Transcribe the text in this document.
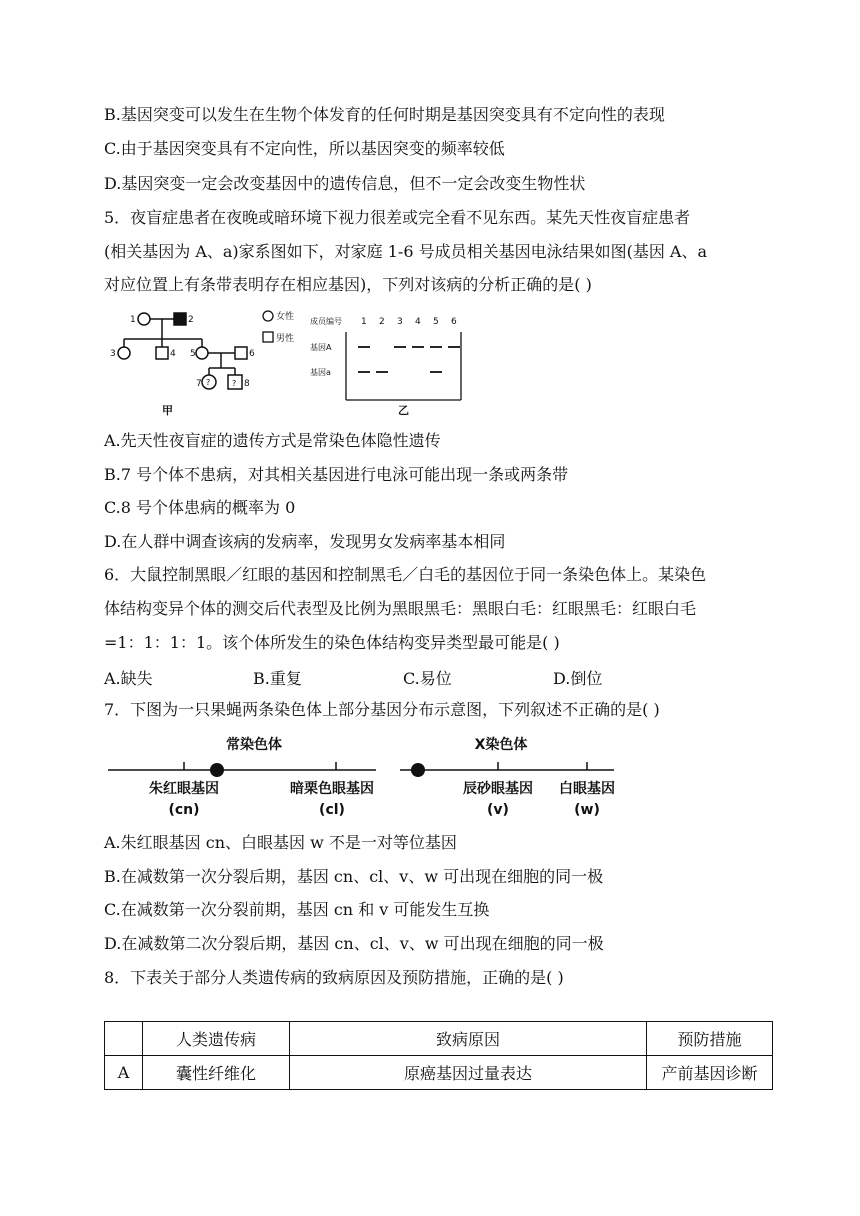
B.基因突变可以发生在生物个体发育的任何时期是基因突变具有不定向性的表现
C.由于基因突变具有不定向性，所以基因突变的频率较低
D.基因突变一定会改变基因中的遗传信息，但不一定会改变生物性状
5．夜盲症患者在夜晚或暗环境下视力很差或完全看不见东西。某先天性夜盲症患者
(相关基因为 A、a)家系图如下，对家庭 1-6 号成员相关基因电泳结果如图(基因 A、a
对应位置上有条带表明存在相应基因)，下列对该病的分析正确的是( )
1	2
3	4 5	6
7	8
?	?
女性
男性
甲
成员编号
基因A
基因a
1 2 3 4 5 6
乙
A.先天性夜盲症的遗传方式是常染色体隐性遗传
B.7 号个体不患病，对其相关基因进行电泳可能出现一条或两条带
C.8 号个体患病的概率为 0
D.在人群中调查该病的发病率，发现男女发病率基本相同
6．大鼠控制黑眼／红眼的基因和控制黑毛／白毛的基因位于同一条染色体上。某染色
体结构变异个体的测交后代表型及比例为黑眼黑毛：黑眼白毛：红眼黑毛：红眼白毛
=1：1：1：1。该个体所发生的染色体结构变异类型最可能是( )
A.缺失	B.重复	C.易位	D.倒位
7．下图为一只果蝇两条染色体上部分基因分布示意图，下列叙述不正确的是( )
常染色体	X染色体
朱红眼基因
(cn)
暗栗色眼基因
(cl)
辰砂眼基因
(v)
白眼基因
(w)
A.朱红眼基因 cn、白眼基因 w 不是一对等位基因
B.在减数第一次分裂后期，基因 cn、cl、v、w 可出现在细胞的同一极
C.在减数第一次分裂前期，基因 cn 和 v 可能发生互换
D.在减数第二次分裂后期，基因 cn、cl、v、w 可出现在细胞的同一极
8．下表关于部分人类遗传病的致病原因及预防措施，正确的是( )
	人类遗传病	致病原因	预防措施
A	囊性纤维化	原癌基因过量表达	产前基因诊断
